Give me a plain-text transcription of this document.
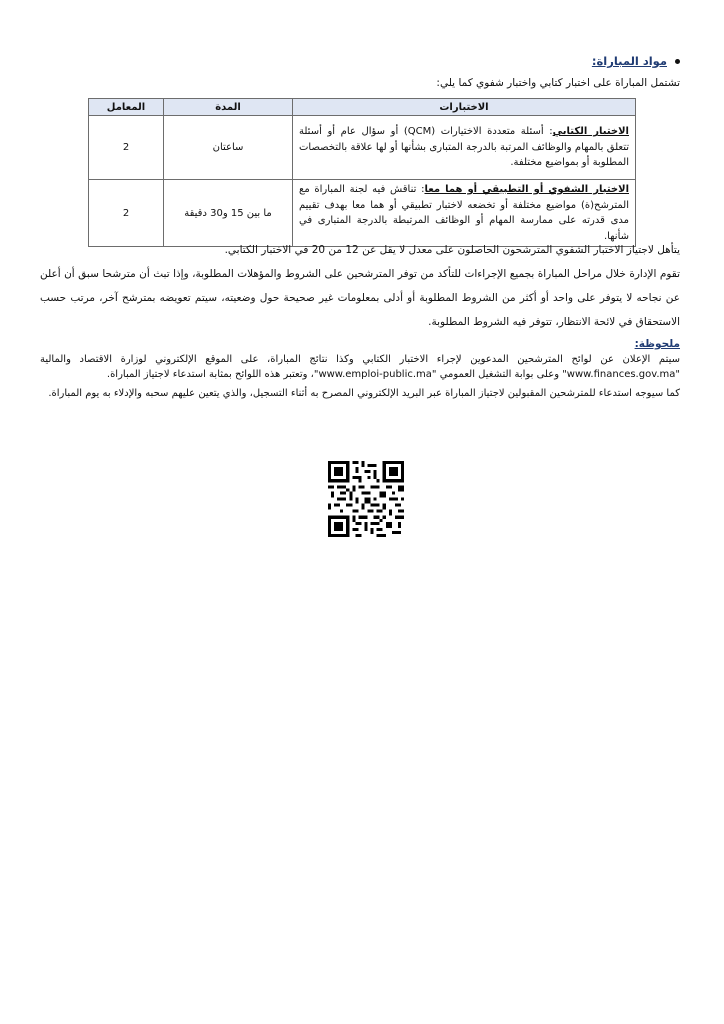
مواد المباراة:
تشتمل المباراة على اختبار كتابي واختبار شفوي كما يلي:
الاختبارات	المدة	المعامل
الاختبار الكتابي: أسئلة متعددة الاختيارات (QCM) أو سؤال عام أو أسئلة تتعلق بالمهام والوظائف المرتبة بالدرجة المتبارى بشأنها أو لها علاقة بالتخصصات المطلوبة أو بمواضيع مختلفة.	ساعتان	2
الاختبار الشفوي أو التطبيقي أو هما معا: تناقش فيه لجنة المباراة مع المترشح(ة) مواضيع مختلفة أو تخضعه لاختبار تطبيقي أو هما معا بهدف تقييم مدى قدرته على ممارسة المهام أو الوظائف المرتبطة بالدرجة المتبارى في شأنها.	ما بين 15 و30 دقيقة	2
يتأهل لاجتياز الاختبار الشفوي المترشحون الحاصلون على معدل لا يقل عن 12 من 20 في الاختبار الكتابي.
تقوم الإدارة خلال مراحل المباراة بجميع الإجراءات للتأكد من توفر المترشحين على الشروط والمؤهلات المطلوبة، وإذا تبث أن مترشحا سبق أن أعلن عن نجاحه لا يتوفر على واحد أو أكثر من الشروط المطلوبة أو أدلى بمعلومات غير صحيحة حول وضعيته، سيتم تعويضه بمترشح آخر، مرتب حسب الاستحقاق في لائحة الانتظار، تتوفر فيه الشروط المطلوبة.
ملحوظة:
سيتم الإعلان عن لوائح المترشحين المدعوين لإجراء الاختبار الكتابي وكذا نتائج المباراة، على الموقع الإلكتروني لوزارة الاقتصاد والمالية "www.finances.gov.ma" وعلى بوابة التشغيل العمومي "www.emploi-public.ma"، وتعتبر هذه اللوائح بمثابة استدعاء لاجتياز المباراة.
كما سيوجه استدعاء للمترشحين المقبولين لاجتياز المباراة عبر البريد الإلكتروني المصرح به أثناء التسجيل، والذي يتعين عليهم سحبه والإدلاء به يوم المباراة.
